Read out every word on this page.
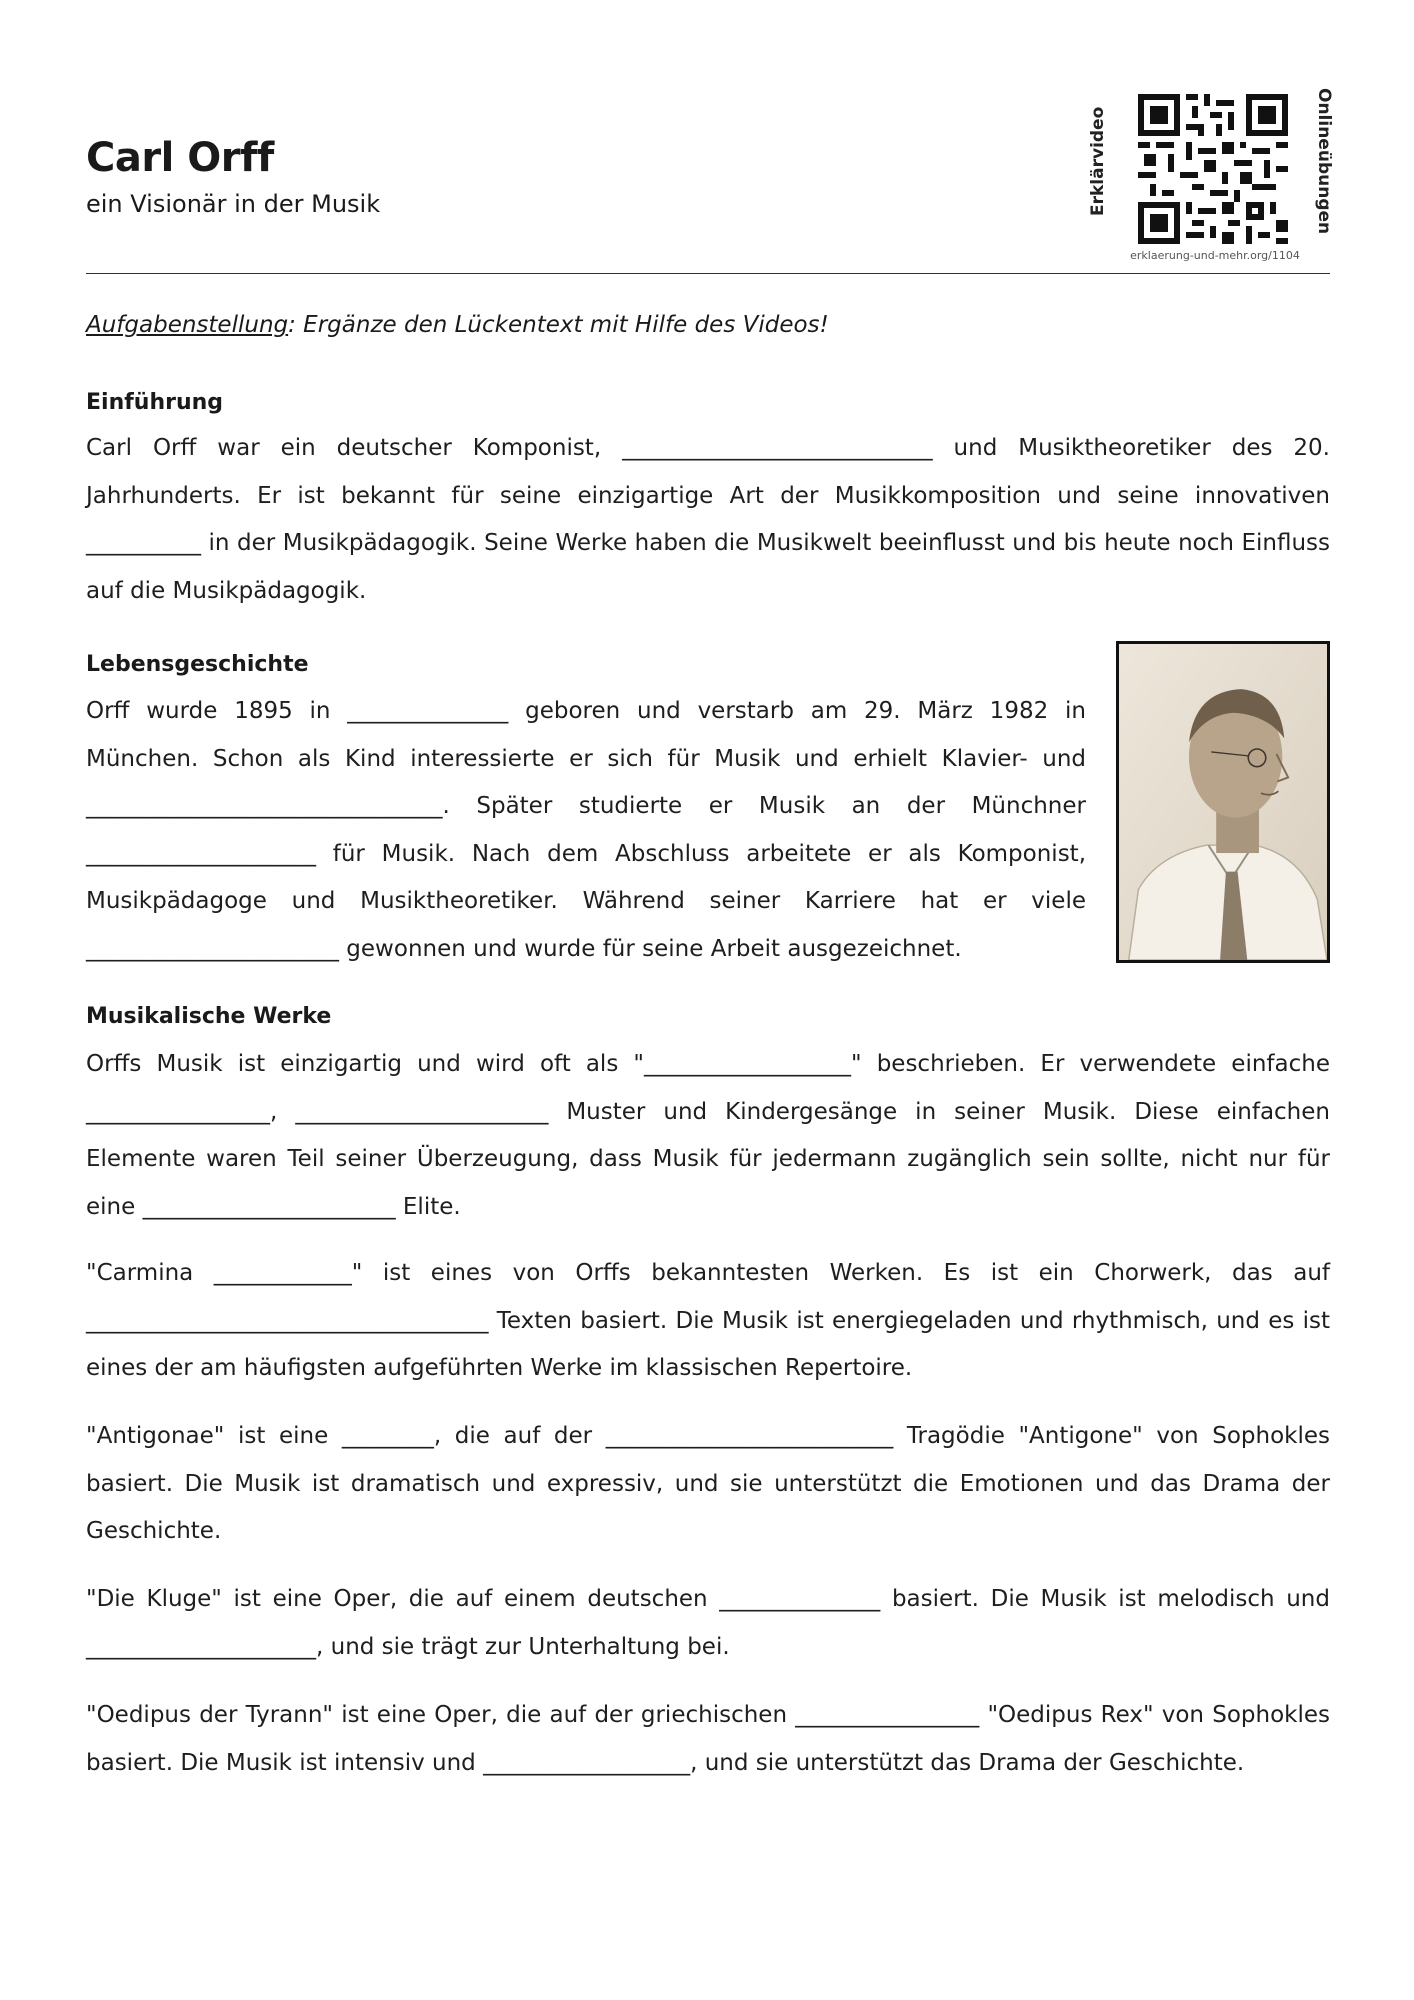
Carl Orff
ein Visionär in der Musik	Erklärvideo	Onlineübungen
erklaerung-und-mehr.org/1104
Aufgabenstellung: Ergänze den Lückentext mit Hilfe des Videos!
Einführung
Carl Orff war ein deutscher Komponist, ___________________________ und Musiktheoretiker des 20. Jahrhunderts. Er ist bekannt für seine einzigartige Art der Musikkomposition und seine innovativen __________ in der Musikpädagogik. Seine Werke haben die Musikwelt beeinflusst und bis heute noch Einfluss auf die Musikpädagogik.
Lebensgeschichte
Orff wurde 1895 in ______________ geboren und verstarb am 29. März 1982 in München. Schon als Kind interessierte er sich für Musik und erhielt Klavier- und _______________________________. Später studierte er Musik an der Münchner ____________________ für Musik. Nach dem Abschluss arbeitete er als Komponist, Musikpädagoge und Musiktheoretiker. Während seiner Karriere hat er viele ______________________ gewonnen und wurde für seine Arbeit ausgezeichnet.
Musikalische Werke
Orffs Musik ist einzigartig und wird oft als "__________________" beschrieben. Er verwendete einfache ________________, ______________________ Muster und Kindergesänge in seiner Musik. Diese einfachen Elemente waren Teil seiner Überzeugung, dass Musik für jedermann zugänglich sein sollte, nicht nur für eine ______________________ Elite.
"Carmina ____________" ist eines von Orffs bekanntesten Werken. Es ist ein Chorwerk, das auf ___________________________________ Texten basiert. Die Musik ist energiegeladen und rhythmisch, und es ist eines der am häufigsten aufgeführten Werke im klassischen Repertoire.
"Antigonae" ist eine ________, die auf der _________________________ Tragödie "Antigone" von Sophokles basiert. Die Musik ist dramatisch und expressiv, und sie unterstützt die Emotionen und das Drama der Geschichte.
"Die Kluge" ist eine Oper, die auf einem deutschen ______________ basiert. Die Musik ist melodisch und ____________________, und sie trägt zur Unterhaltung bei.
"Oedipus der Tyrann" ist eine Oper, die auf der griechischen ________________ "Oedipus Rex" von Sophokles basiert. Die Musik ist intensiv und __________________, und sie unterstützt das Drama der Geschichte.
